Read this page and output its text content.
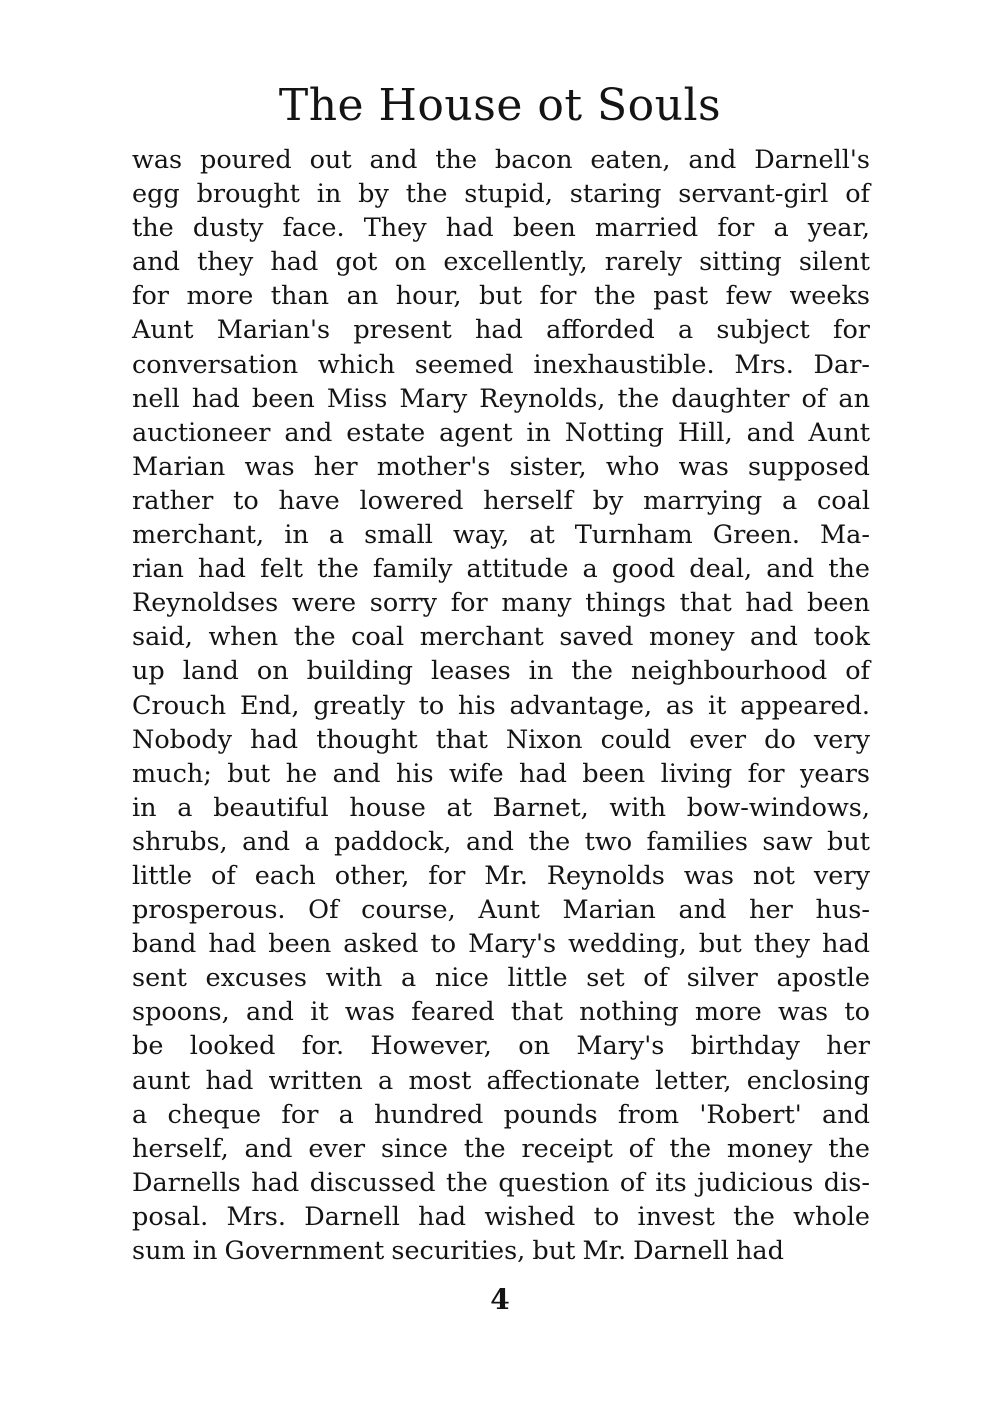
The House ot Souls
was poured out and the bacon eaten, and Darnell's
egg brought in by the stupid, staring servant-girl of
the dusty face. They had been married for a year,
and they had got on excellently, rarely sitting silent
for more than an hour, but for the past few weeks
Aunt Marian's present had afforded a subject for
conversation which seemed inexhaustible. Mrs. Dar-
nell had been Miss Mary Reynolds, the daughter of an
auctioneer and estate agent in Notting Hill, and Aunt
Marian was her mother's sister, who was supposed
rather to have lowered herself by marrying a coal
merchant, in a small way, at Turnham Green. Ma-
rian had felt the family attitude a good deal, and the
Reynoldses were sorry for many things that had been
said, when the coal merchant saved money and took
up land on building leases in the neighbourhood of
Crouch End, greatly to his advantage, as it appeared.
Nobody had thought that Nixon could ever do very
much; but he and his wife had been living for years
in a beautiful house at Barnet, with bow-windows,
shrubs, and a paddock, and the two families saw but
little of each other, for Mr. Reynolds was not very
prosperous. Of course, Aunt Marian and her hus-
band had been asked to Mary's wedding, but they had
sent excuses with a nice little set of silver apostle
spoons, and it was feared that nothing more was to
be looked for. However, on Mary's birthday her
aunt had written a most affectionate letter, enclosing
a cheque for a hundred pounds from 'Robert' and
herself, and ever since the receipt of the money the
Darnells had discussed the question of its judicious dis-
posal. Mrs. Darnell had wished to invest the whole
sum in Government securities, but Mr. Darnell had
4
